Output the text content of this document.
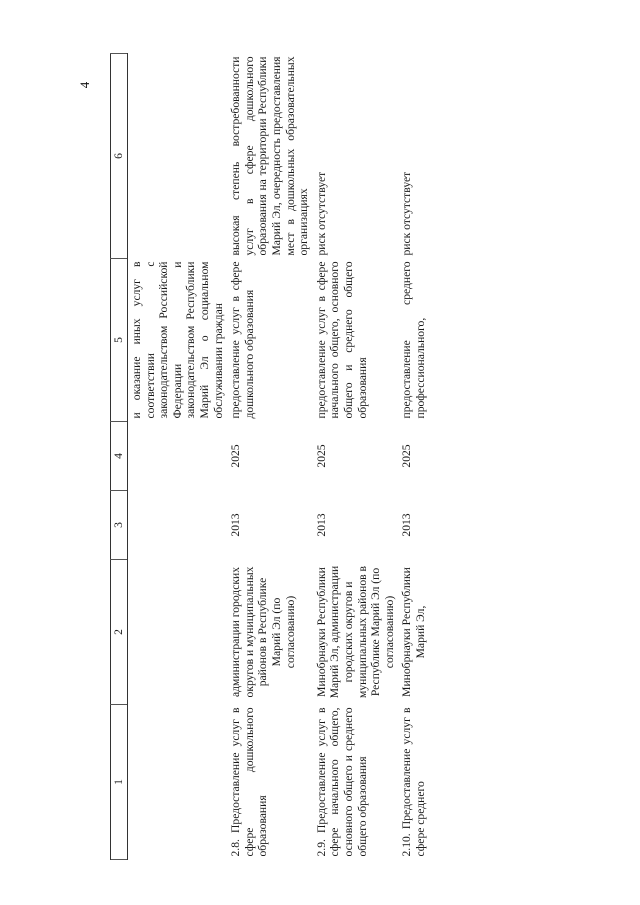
4
1	2	3	4	5	6
				и оказание иных услуг в соответствии с законодательством Российской Федерации и законодательством Республики Марий Эл о социальном обслуживании граждан	
2.8. Предоставление услуг в сфере дошкольного образования	администрации городских округов и муниципальных районов в Республике Марий Эл (по согласованию)	2013	2025	предоставление услуг в сфере дошкольного образования	высокая степень востребованности услуг в сфере дошкольного образования на территории Республики Марий Эл, очередность предоставления мест в дошкольных образовательных организациях
2.9. Предоставление услуг в сфере начального общего, основного общего и среднего общего образования	Минобрнауки Республики Марий Эл, администрации городских округов и муниципальных районов в Республике Марий Эл (по согласованию)	2013	2025	предоставление услуг в сфере начального общего, основного общего и среднего общего образования	риск отсутствует
2.10. Предоставление услуг в сфере среднего	Минобрнауки Республики Марий Эл,	2013	2025	предоставление среднего профессионального,	риск отсутствует
